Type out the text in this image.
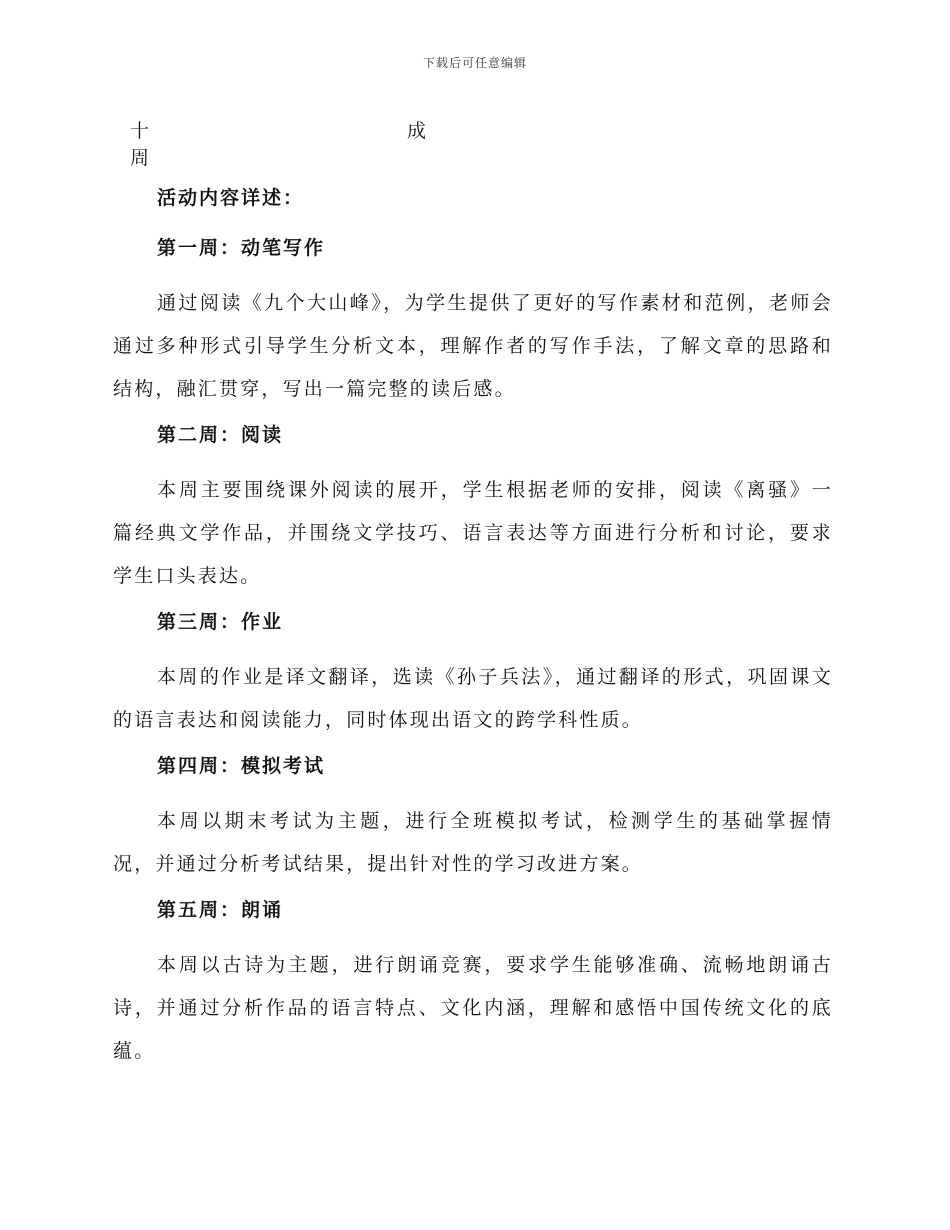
下载后可任意编辑
十周
成
活动内容详述：
第一周：动笔写作
通过阅读《九个大山峰》，为学生提供了更好的写作素材和范例，老师会通过多种形式引导学生分析文本，理解作者的写作手法，了解文章的思路和结构，融汇贯穿，写出一篇完整的读后感。
第二周：阅读
本周主要围绕课外阅读的展开，学生根据老师的安排，阅读《离骚》一篇经典文学作品，并围绕文学技巧、语言表达等方面进行分析和讨论，要求学生口头表达。
第三周：作业
本周的作业是译文翻译，选读《孙子兵法》，通过翻译的形式，巩固课文的语言表达和阅读能力，同时体现出语文的跨学科性质。
第四周：模拟考试
本周以期末考试为主题，进行全班模拟考试，检测学生的基础掌握情况，并通过分析考试结果，提出针对性的学习改进方案。
第五周：朗诵
本周以古诗为主题，进行朗诵竞赛，要求学生能够准确、流畅地朗诵古诗，并通过分析作品的语言特点、文化内涵，理解和感悟中国传统文化的底蕴。
